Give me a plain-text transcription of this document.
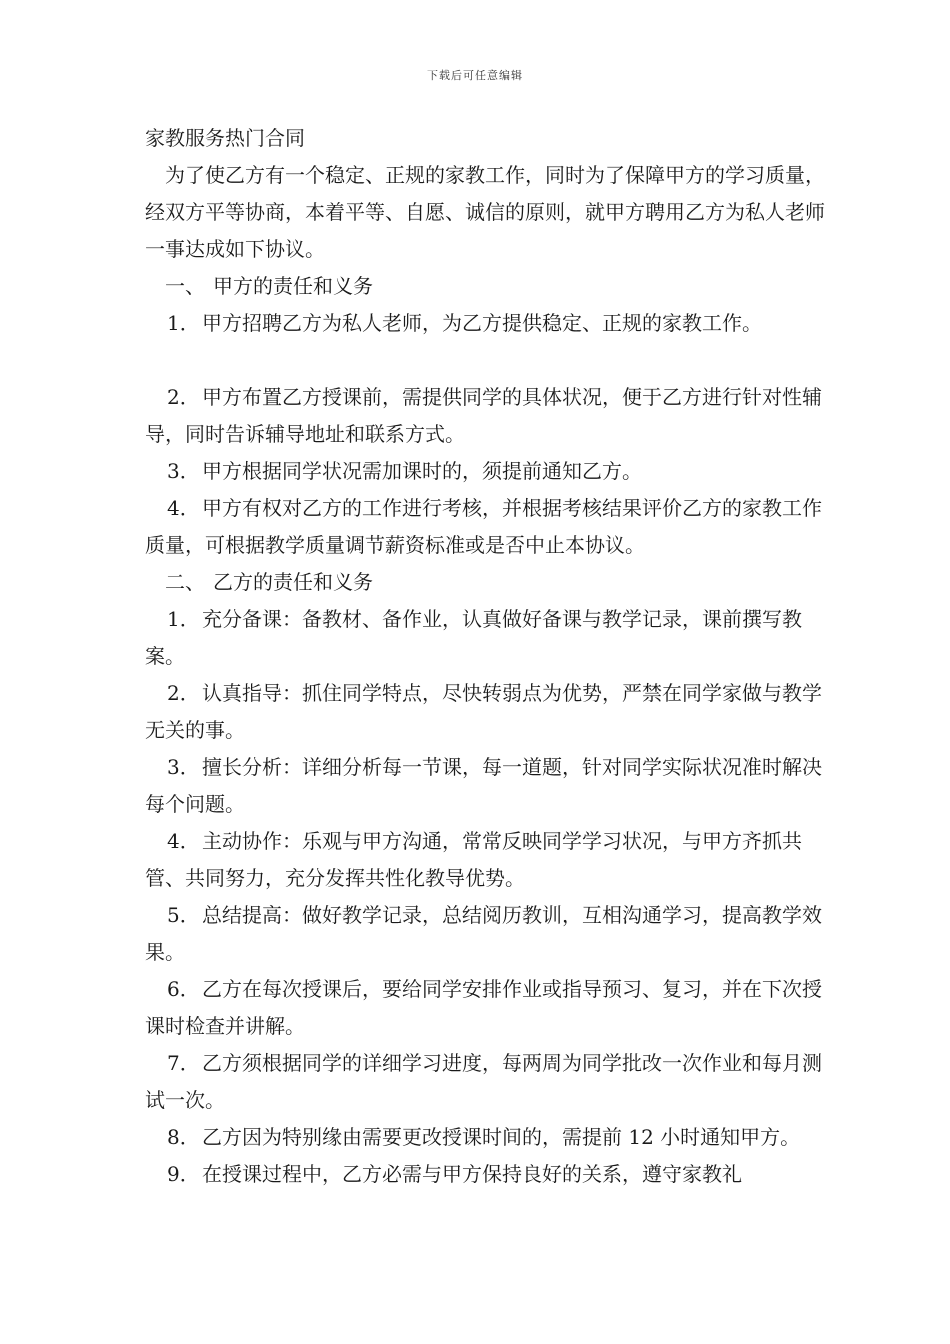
下载后可任意编辑
家教服务热门合同

为了使乙方有一个稳定、正规的家教工作，同时为了保障甲方的学习质量，经双方平等协商，本着平等、自愿、诚信的原则，就甲方聘用乙方为私人老师一事达成如下协议。

一、 甲方的责任和义务

1． 甲方招聘乙方为私人老师，为乙方提供稳定、正规的家教工作。

2． 甲方布置乙方授课前，需提供同学的具体状况，便于乙方进行针对性辅导，同时告诉辅导地址和联系方式。

3． 甲方根据同学状况需加课时的，须提前通知乙方。

4． 甲方有权对乙方的工作进行考核，并根据考核结果评价乙方的家教工作质量，可根据教学质量调节薪资标准或是否中止本协议。

二、 乙方的责任和义务

1． 充分备课：备教材、备作业，认真做好备课与教学记录，课前撰写教案。

2． 认真指导：抓住同学特点，尽快转弱点为优势，严禁在同学家做与教学无关的事。

3． 擅长分析：详细分析每一节课，每一道题，针对同学实际状况准时解决每个问题。

4． 主动协作：乐观与甲方沟通，常常反映同学学习状况，与甲方齐抓共管、共同努力，充分发挥共性化教导优势。

5． 总结提高：做好教学记录，总结阅历教训，互相沟通学习，提高教学效果。

6． 乙方在每次授课后，要给同学安排作业或指导预习、复习，并在下次授课时检查并讲解。

7． 乙方须根据同学的详细学习进度，每两周为同学批改一次作业和每月测试一次。

8． 乙方因为特别缘由需要更改授课时间的，需提前 12 小时通知甲方。

9． 在授课过程中，乙方必需与甲方保持良好的关系，遵守家教礼
